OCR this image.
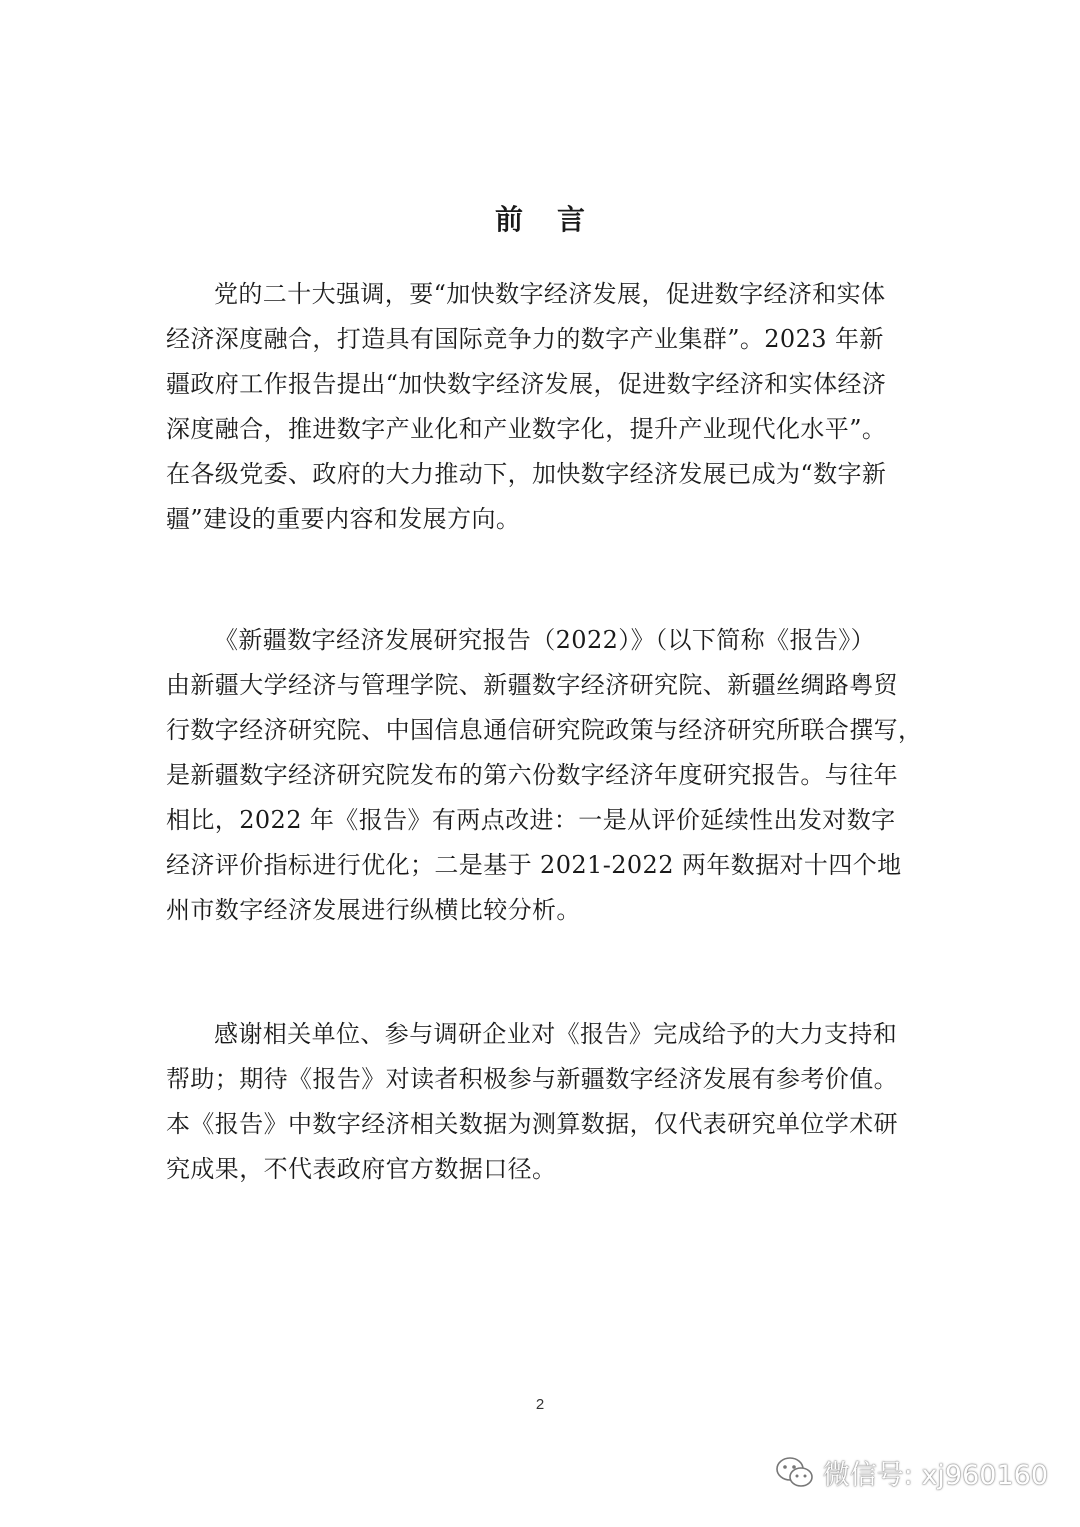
前 言

党的二十大强调，要“加快数字经济发展，促进数字经济和实体
经济深度融合，打造具有国际竞争力的数字产业集群”。2023 年新
疆政府工作报告提出“加快数字经济发展，促进数字经济和实体经济
深度融合，推进数字产业化和产业数字化，提升产业现代化水平”。
在各级党委、政府的大力推动下，加快数字经济发展已成为“数字新
疆”建设的重要内容和发展方向。

《新疆数字经济发展研究报告（2022）》（以下简称《报告》）
由新疆大学经济与管理学院、新疆数字经济研究院、新疆丝绸路粤贸
行数字经济研究院、中国信息通信研究院政策与经济研究所联合撰写，
是新疆数字经济研究院发布的第六份数字经济年度研究报告。与往年
相比，2022 年《报告》有两点改进：一是从评价延续性出发对数字
经济评价指标进行优化；二是基于 2021-2022 两年数据对十四个地
州市数字经济发展进行纵横比较分析。

感谢相关单位、参与调研企业对《报告》完成给予的大力支持和
帮助；期待《报告》对读者积极参与新疆数字经济发展有参考价值。
本《报告》中数字经济相关数据为测算数据，仅代表研究单位学术研
究成果，不代表政府官方数据口径。

2
微信号: xj960160
